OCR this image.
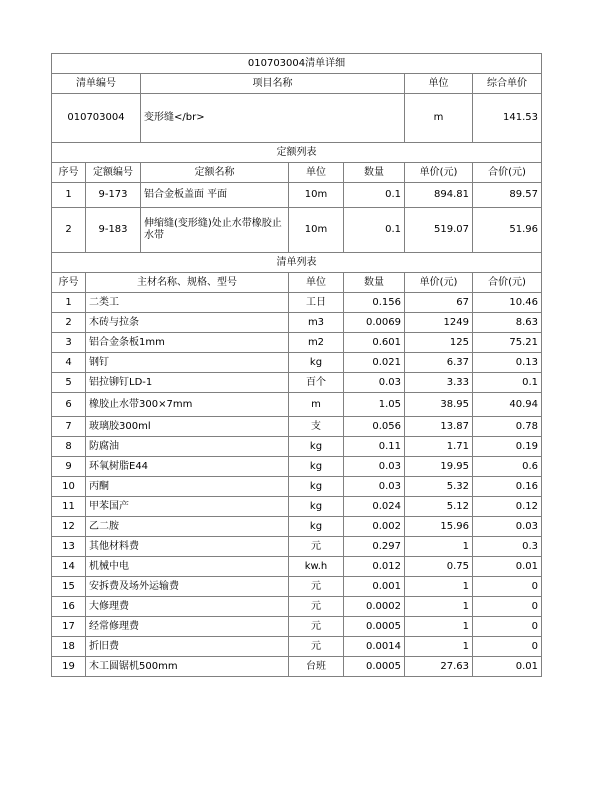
010703004清单详细						
清单编号		项目名称			单位	综合单价
010703004		变形缝</br>			m	141.53
定额列表						
序号	定额编号	定额名称	单位	数量	单价(元)	合价(元)
1	9-173	铝合金板盖面 平面	10m	0.1	894.81	89.57
2	9-183	伸缩缝(变形缝)处止水带橡胶止水带	10m	0.1	519.07	51.96
清单列表						
序号	主材名称、规格、型号		单位	数量	单价(元)	合价(元)
1	二类工		工日	0.156	67	10.46
2	木砖与拉条		m3	0.0069	1249	8.63
3	铝合金条板1mm		m2	0.601	125	75.21
4	钢钉		kg	0.021	6.37	0.13
5	铝拉铆钉LD-1		百个	0.03	3.33	0.1
6	橡胶止水带300×7mm		m	1.05	38.95	40.94
7	玻璃胶300ml		支	0.056	13.87	0.78
8	防腐油		kg	0.11	1.71	0.19
9	环氧树脂E44		kg	0.03	19.95	0.6
10	丙酮		kg	0.03	5.32	0.16
11	甲苯国产		kg	0.024	5.12	0.12
12	乙二胺		kg	0.002	15.96	0.03
13	其他材料费		元	0.297	1	0.3
14	机械中电		kw.h	0.012	0.75	0.01
15	安拆费及场外运输费		元	0.001	1	0
16	大修理费		元	0.0002	1	0
17	经常修理费		元	0.0005	1	0
18	折旧费		元	0.0014	1	0
19	木工圆锯机500mm		台班	0.0005	27.63	0.01
